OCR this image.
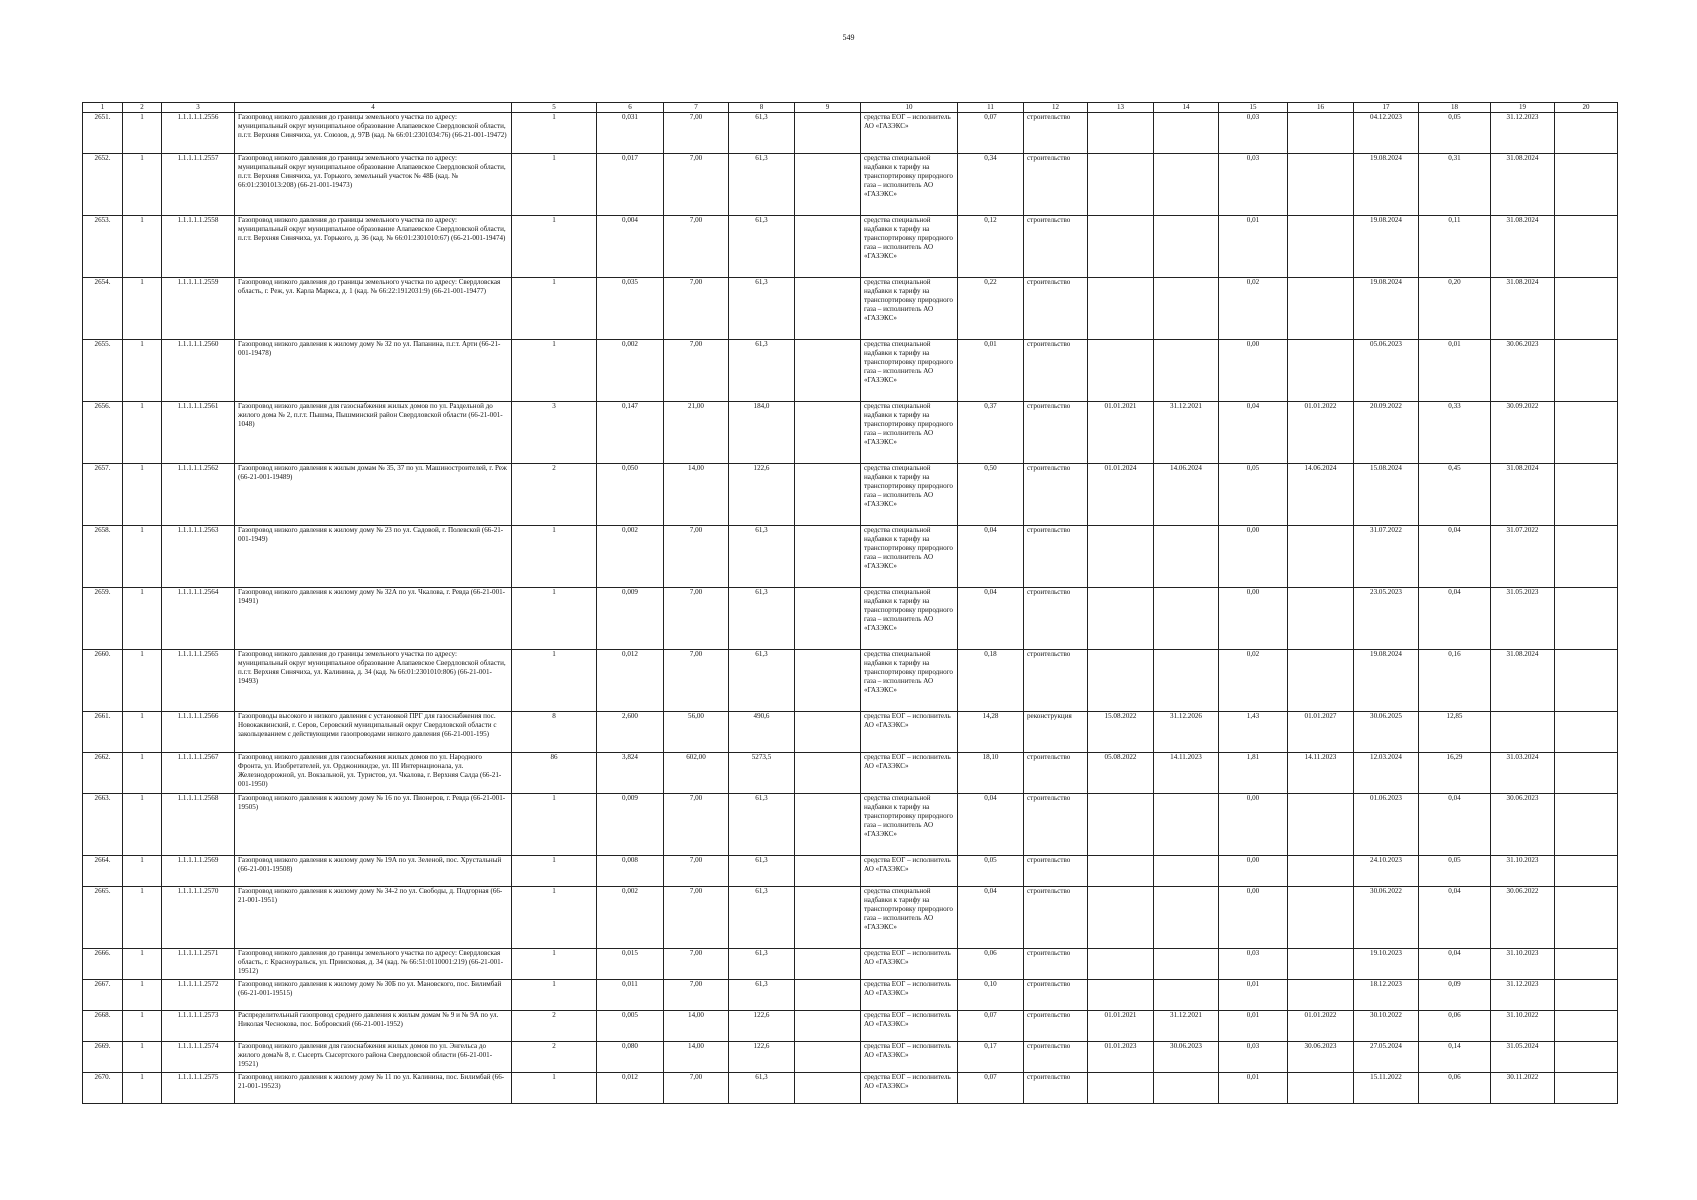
549
1	2	3	4	5	6	7	8	9	10	11	12	13	14	15	16	17	18	19	20
2651.	1	1.1.1.1.1.2556	Газопровод низкого давления до границы земельного участка по адресу: муниципальный округ муниципальное образование Алапаевское Свердловской области, п.г.т. Верхняя Синячиха, ул. Союзов, д. 97В (кад. № 66:01:2301034:76) (66-21-001-19472)	1	0,031	7,00	61,3		средства ЕОГ – исполнитель АО «ГАЗЭКС»	0,07	строительство			0,03		04.12.2023	0,05	31.12.2023	
2652.	1	1.1.1.1.1.2557	Газопровод низкого давления до границы земельного участка по адресу: муниципальный округ муниципальное образование Алапаевское Свердловской области, п.г.т. Верхняя Синячиха, ул. Горького, земельный участок № 48Б (кад. № 66:01:2301013:208) (66-21-001-19473)	1	0,017	7,00	61,3		средства специальной надбавки к тарифу на транспортировку природного газа – исполнитель АО «ГАЗЭКС»	0,34	строительство			0,03		19.08.2024	0,31	31.08.2024	
2653.	1	1.1.1.1.1.2558	Газопровод низкого давления до границы земельного участка по адресу: муниципальный округ муниципальное образование Алапаевское Свердловской области, п.г.т. Верхняя Синячиха, ул. Горького, д. 36 (кад. № 66:01:2301010:67) (66-21-001-19474)	1	0,004	7,00	61,3		средства специальной надбавки к тарифу на транспортировку природного газа – исполнитель АО «ГАЗЭКС»	0,12	строительство			0,01		19.08.2024	0,11	31.08.2024	
2654.	1	1.1.1.1.1.2559	Газопровод низкого давления до границы земельного участка по адресу: Свердловская область, г. Реж, ул. Карла Маркса, д. 1 (кад. № 66:22:1912031:9) (66-21-001-19477)	1	0,035	7,00	61,3		средства специальной надбавки к тарифу на транспортировку природного газа – исполнитель АО «ГАЗЭКС»	0,22	строительство			0,02		19.08.2024	0,20	31.08.2024	
2655.	1	1.1.1.1.1.2560	Газопровод низкого давления к жилому дому № 32 по ул. Папанина, п.г.т. Арти (66-21-001-19478)	1	0,002	7,00	61,3		средства специальной надбавки к тарифу на транспортировку природного газа – исполнитель АО «ГАЗЭКС»	0,01	строительство			0,00		05.06.2023	0,01	30.06.2023	
2656.	1	1.1.1.1.1.2561	Газопровод низкого давления для газоснабжения жилых домов по ул. Раздельной до жилого дома № 2, п.г.т. Пышма, Пышминский район Свердловской области (66-21-001-1048)	3	0,147	21,00	184,0		средства специальной надбавки к тарифу на транспортировку природного газа – исполнитель АО «ГАЗЭКС»	0,37	строительство	01.01.2021	31.12.2021	0,04	01.01.2022	20.09.2022	0,33	30.09.2022	
2657.	1	1.1.1.1.1.2562	Газопровод низкого давления к жилым домам № 35, 37 по ул. Машиностроителей, г. Реж (66-21-001-19489)	2	0,050	14,00	122,6		средства специальной надбавки к тарифу на транспортировку природного газа – исполнитель АО «ГАЗЭКС»	0,50	строительство	01.01.2024	14.06.2024	0,05	14.06.2024	15.08.2024	0,45	31.08.2024	
2658.	1	1.1.1.1.1.2563	Газопровод низкого давления к жилому дому № 23 по ул. Садовой, г. Полевской (66-21-001-1949)	1	0,002	7,00	61,3		средства специальной надбавки к тарифу на транспортировку природного газа – исполнитель АО «ГАЗЭКС»	0,04	строительство			0,00		31.07.2022	0,04	31.07.2022	
2659.	1	1.1.1.1.1.2564	Газопровод низкого давления к жилому дому № 32А по ул. Чкалова, г. Ревда (66-21-001-19491)	1	0,009	7,00	61,3		средства специальной надбавки к тарифу на транспортировку природного газа – исполнитель АО «ГАЗЭКС»	0,04	строительство			0,00		23.05.2023	0,04	31.05.2023	
2660.	1	1.1.1.1.1.2565	Газопровод низкого давления до границы земельного участка по адресу: муниципальный округ муниципальное образование Алапаевское Свердловской области, п.г.т. Верхняя Синячиха, ул. Калинина, д. 34 (кад. № 66:01:2301010:806) (66-21-001-19493)	1	0,012	7,00	61,3		средства специальной надбавки к тарифу на транспортировку природного газа – исполнитель АО «ГАЗЭКС»	0,18	строительство			0,02		19.08.2024	0,16	31.08.2024	
2661.	1	1.1.1.1.1.2566	Газопроводы высокого и низкого давления с установкой ПРГ для газоснабжения пос. Новокаквинский, г. Серов, Серовский муниципальный округ Свердловской области с закольцеванием с действующими газопроводами низкого давления (66-21-001-195)	8	2,600	56,00	490,6		средства ЕОГ – исполнитель АО «ГАЗЭКС»	14,28	реконструкция	15.08.2022	31.12.2026	1,43	01.01.2027	30.06.2025	12,85		
2662.	1	1.1.1.1.1.2567	Газопровод низкого давления для газоснабжения жилых домов по ул. Народного Фронта, ул. Изобретателей, ул. Орджоникидзе, ул. III Интернационала, ул. Железнодорожной, ул. Вокзальной, ул. Туристов, ул. Чкалова, г. Верхняя Салда (66-21-001-1950)	86	3,824	602,00	5273,5		средства ЕОГ – исполнитель АО «ГАЗЭКС»	18,10	строительство	05.08.2022	14.11.2023	1,81	14.11.2023	12.03.2024	16,29	31.03.2024	
2663.	1	1.1.1.1.1.2568	Газопровод низкого давления к жилому дому № 16 по ул. Пионеров, г. Ревда (66-21-001-19505)	1	0,009	7,00	61,3		средства специальной надбавки к тарифу на транспортировку природного газа – исполнитель АО «ГАЗЭКС»	0,04	строительство			0,00		01.06.2023	0,04	30.06.2023	
2664.	1	1.1.1.1.1.2569	Газопровод низкого давления к жилому дому № 19А по ул. Зеленой, пос. Хрустальный (66-21-001-19508)	1	0,008	7,00	61,3		средства ЕОГ – исполнитель АО «ГАЗЭКС»	0,05	строительство			0,00		24.10.2023	0,05	31.10.2023	
2665.	1	1.1.1.1.1.2570	Газопровод низкого давления к жилому дому № 34-2 по ул. Свободы, д. Подгорная (66-21-001-1951)	1	0,002	7,00	61,3		средства специальной надбавки к тарифу на транспортировку природного газа – исполнитель АО «ГАЗЭКС»	0,04	строительство			0,00		30.06.2022	0,04	30.06.2022	
2666.	1	1.1.1.1.1.2571	Газопровод низкого давления до границы земельного участка по адресу: Свердловская область, г. Красноуральск, ул. Приисковая, д. 34 (кад. № 66:51:0110001:219) (66-21-001-19512)	1	0,015	7,00	61,3		средства ЕОГ – исполнитель АО «ГАЗЭКС»	0,06	строительство			0,03		19.10.2023	0,04	31.10.2023	
2667.	1	1.1.1.1.1.2572	Газопровод низкого давления к жилому дому № 30Б по ул. Мановского, пос. Билимбай (66-21-001-19515)	1	0,011	7,00	61,3		средства ЕОГ – исполнитель АО «ГАЗЭКС»	0,10	строительство			0,01		18.12.2023	0,09	31.12.2023	
2668.	1	1.1.1.1.1.2573	Распределительный газопровод среднего давления к жилым домам № 9 и № 9А по ул. Николая Чеснокова, пос. Бобровский (66-21-001-1952)	2	0,005	14,00	122,6		средства ЕОГ – исполнитель АО «ГАЗЭКС»	0,07	строительство	01.01.2021	31.12.2021	0,01	01.01.2022	30.10.2022	0,06	31.10.2022	
2669.	1	1.1.1.1.1.2574	Газопровод низкого давления для газоснабжения жилых домов по ул. Энгельса до жилого дома№ 8, г. Сысерть Сысертского района Свердловской области (66-21-001-19521)	2	0,080	14,00	122,6		средства ЕОГ – исполнитель АО «ГАЗЭКС»	0,17	строительство	01.01.2023	30.06.2023	0,03	30.06.2023	27.05.2024	0,14	31.05.2024	
2670.	1	1.1.1.1.1.2575	Газопровод низкого давления к жилому дому № 11 по ул. Калинина, пос. Билимбай (66-21-001-19523)	1	0,012	7,00	61,3		средства ЕОГ – исполнитель АО «ГАЗЭКС»	0,07	строительство			0,01		15.11.2022	0,06	30.11.2022	
